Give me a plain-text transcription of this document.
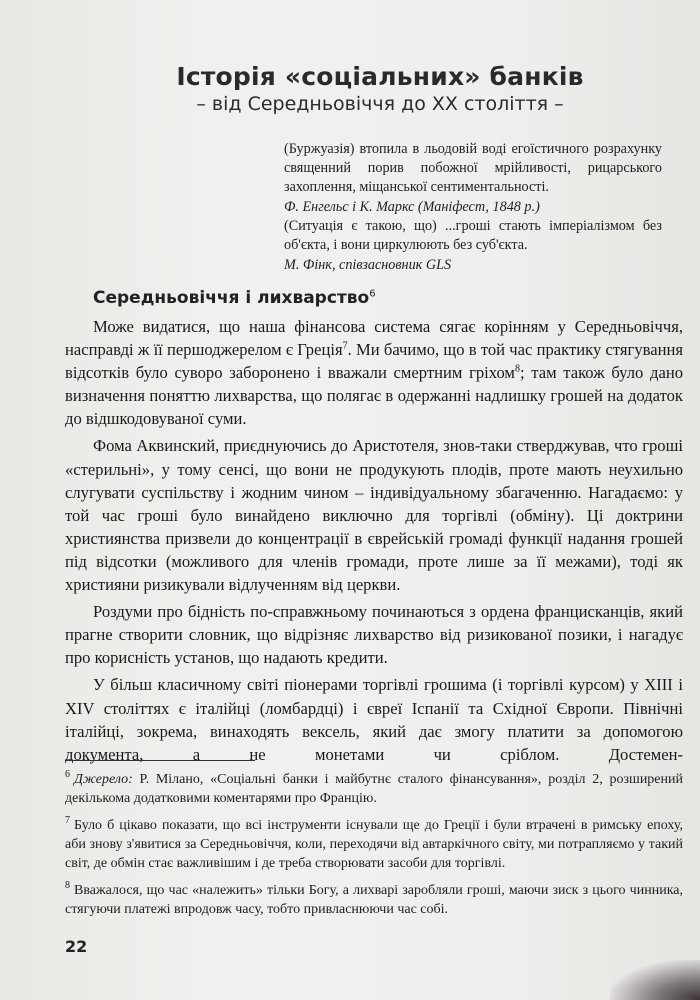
Історія «соціальних» банків
– від Середньовіччя до ХХ століття –

(Буржуазія) втопила в льодовій воді егоїстичного розрахунку священний порив побожної мрійливості, рицарського захоплення, міщанської сентиментальності.

Ф. Енгельс і К. Маркс (Маніфест, 1848 р.)

(Ситуація є такою, що) ...гроші стають імперіалізмом без об'єкта, і вони циркулюють без суб'єкта.

М. Фінк, співзасновник GLS

Середньовіччя і лихварство$^6$

Може видатися, що наша фінансова система сягає корінням у Середньовіччя, насправді ж її першоджерелом є Греція$^7$. Ми бачимо, що в той час практику стягування відсотків було суворо заборонено і вважали смертним гріхом$^8$; там також було дано визначення поняттю лихварства, що полягає в одержанні надлишку грошей на додаток до відшкодовуваної суми.

Фома Аквинский, приєднуючись до Аристотеля, знов-таки стверджував, что гроші «стерильні», у тому сенсі, що вони не продукують плодів, проте мають неухильно слугувати суспільству і жодним чином – індивідуальному збагаченню. Нагадаємо: у той час гроші було винайдено виключно для торгівлі (обміну). Ці доктрини християнства призвели до концентрації в єврейській громаді функції надання грошей під відсотки (можливого для членів громади, проте лише за її межами), тоді як християни ризикували відлученням від церкви.

Роздуми про бідність по-справжньому починаються з ордена францисканців, який прагне створити словник, що відрізняє лихварство від ризикованої позики, і нагадує про корисність установ, що надають кредити.

У більш класичному світі піонерами торгівлі грошима (і торгівлі курсом) у XIII і XIV століттях є італійці (ломбардці) і євреї Іспанії та Східної Європи. Північні італійці, зокрема, винаходять вексель, який дає змогу платити за допомогою документа, а не монетами чи сріблом. Достемен-

$^6$ Джерело: Р. Мілано, «Соціальні банки і майбутнє сталого фінансування», розділ 2, розширений декількома додатковими коментарями про Францію.

$^7$ Було б цікаво показати, що всі інструменти існували ще до Греції і були втрачені в римську епоху, аби знову з'явитися за Середньовіччя, коли, переходячи від автаркічного світу, ми потрапляємо у такий світ, де обмін стає важливішим і де треба створювати засоби для торгівлі.

$^8$ Вважалося, що час «належить» тільки Богу, а лихварі заробляли гроші, маючи зиск з цього чинника, стягуючи платежі впродовж часу, тобто привласнюючи час собі.

22
